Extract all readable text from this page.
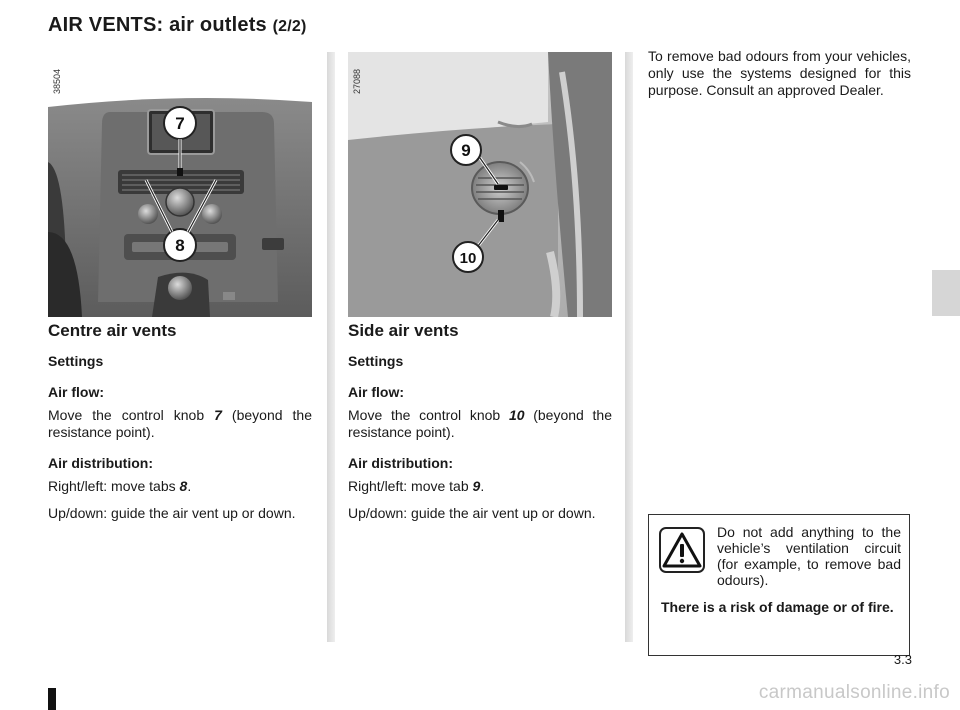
AIR VENTS: air outlets (2/2)
7
8
38504
9
10
27088
Centre air vents
Settings

Air flow:

Move the control knob 7 (beyond the resistance point).

Air distribution:

Right/left: move tabs 8.

Up/down: guide the air vent up or down.

Side air vents
Settings

Air flow:

Move the control knob 10 (beyond the resistance point).

Air distribution:

Right/left: move tab 9.

Up/down: guide the air vent up or down.

To remove bad odours from your vehicles, only use the systems designed for this purpose. Consult an approved Dealer.
Do not add anything to the vehicle’s ventilation circuit (for example, to remove bad odours).
There is a risk of damage or of fire.
3.3
carmanualsonline.info
